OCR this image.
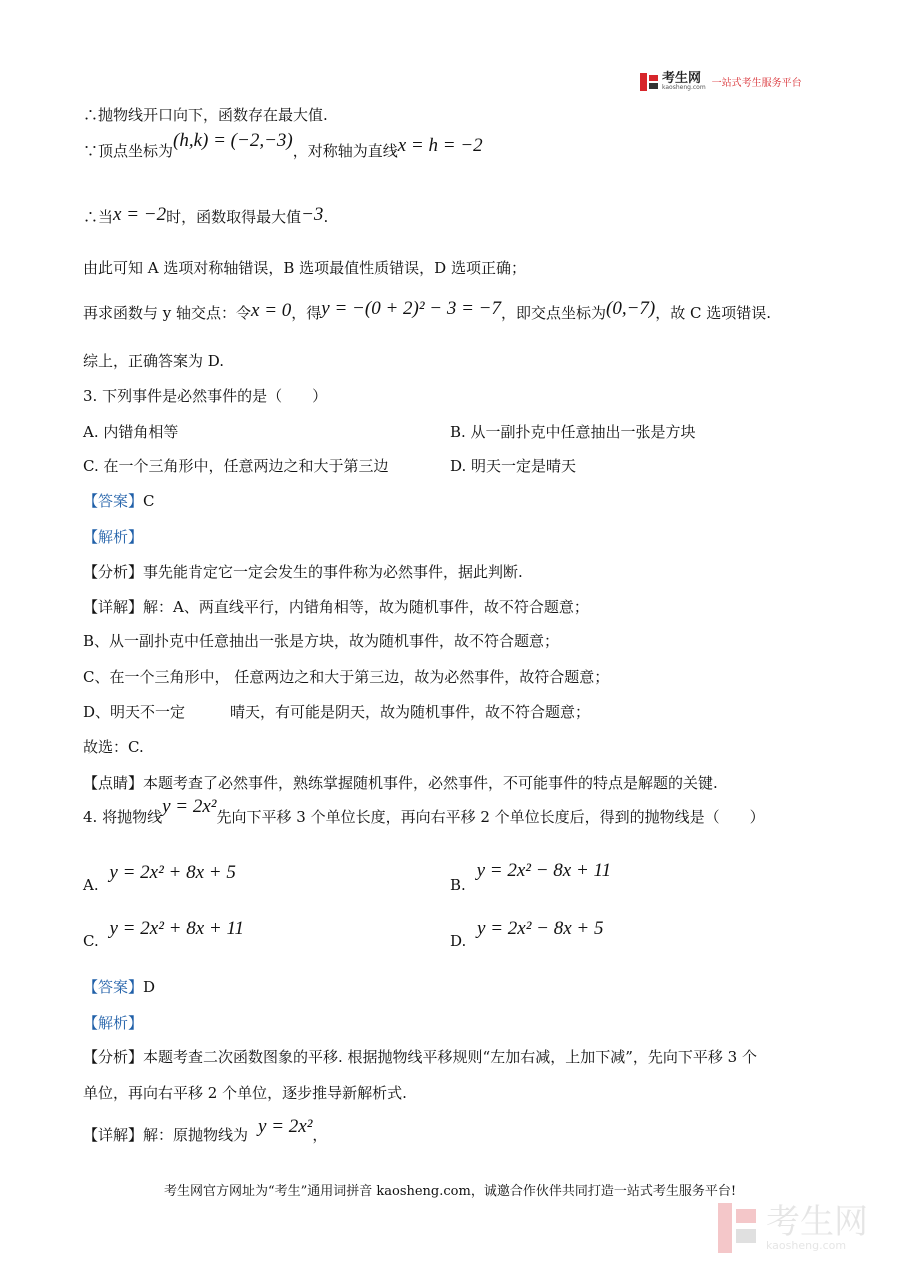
考生网
kaosheng.com 一站式考生服务平台
∴抛物线开口向下，函数存在最大值.
∵顶点坐标为(h,k) = (−2,−3)，对称轴为直线x = h = −2
∴当x = −2时，函数取得最大值−3.
由此可知 A 选项对称轴错误，B 选项最值性质错误，D 选项正确；
再求函数与 y 轴交点：令x = 0，得y = −(0 + 2)² − 3 = −7，即交点坐标为(0,−7)，故 C 选项错误.
综上，正确答案为 D.
3. 下列事件是必然事件的是（　　）
A. 内错角相等	B. 从一副扑克中任意抽出一张是方块
C. 在一个三角形中，任意两边之和大于第三边	D. 明天一定是晴天
【答案】C
【解析】
【分析】事先能肯定它一定会发生的事件称为必然事件，据此判断.
【详解】解：A、两直线平行，内错角相等，故为随机事件，故不符合题意；
B、从一副扑克中任意抽出一张是方块，故为随机事件，故不符合题意；
C、在一个三角形中， 任意两边之和大于第三边，故为必然事件，故符合题意；
D、明天不一定　　　晴天，有可能是阴天，故为随机事件，故不符合题意；
故选：C.
【点睛】本题考查了必然事件，熟练掌握随机事件，必然事件，不可能事件的特点是解题的关键.
4. 将抛物线y = 2x²先向下平移 3 个单位长度，再向右平移 2 个单位长度后，得到的抛物线是（　　）
A. y = 2x² + 8x + 5
B. y = 2x² − 8x + 11
C. y = 2x² + 8x + 11
D. y = 2x² − 8x + 5
【答案】D
【解析】
【分析】本题考查二次函数图象的平移. 根据抛物线平移规则“左加右减，上加下减”，先向下平移 3 个
单位，再向右平移 2 个单位，逐步推导新解析式.
【详解】解：原抛物线为 y = 2x²，
考生网官方网址为“考生”通用词拼音 kaosheng.com，诚邀合作伙伴共同打造一站式考生服务平台!
考生网
kaosheng.com
